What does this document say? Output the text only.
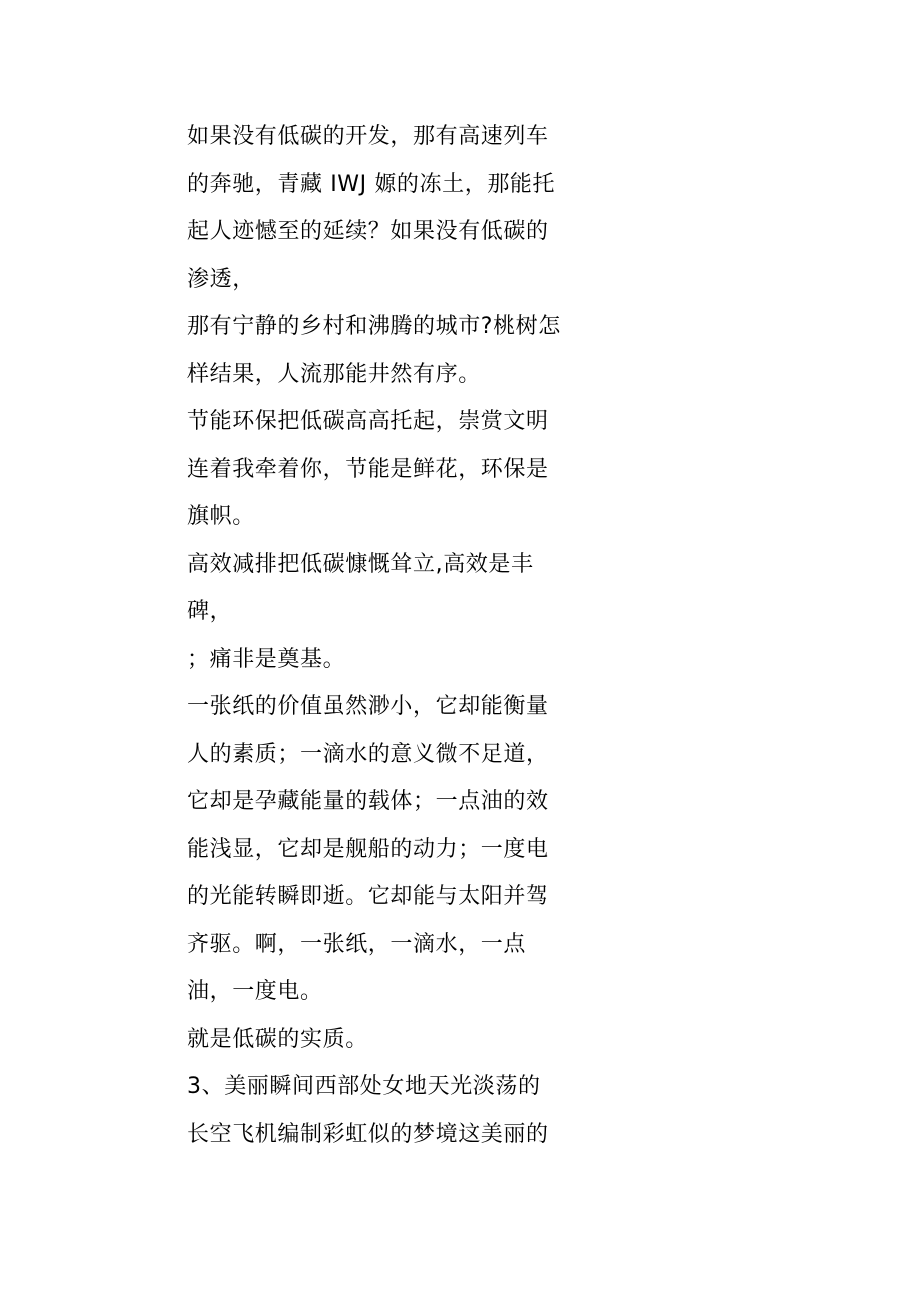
如果没有低碳的开发，那有高速列车
的奔驰，青藏 IWJ 嫄的冻土，那能托
起人迹憾至的延续？如果没有低碳的
渗透，
那有宁静的乡村和沸腾的城市?桃树怎
样结果，人流那能井然有序。
节能环保把低碳高高托起，崇赏文明
连着我牵着你，节能是鲜花，环保是
旗帜。
高效减排把低碳慷慨耸立,高效是丰
碑，
；痛非是奠基。
一张纸的价值虽然渺小，它却能衡量
人的素质；一滴水的意义微不足道，
它却是孕藏能量的载体；一点油的效
能浅显，它却是舰船的动力；一度电
的光能转瞬即逝。它却能与太阳并驾
齐驱。啊，一张纸，一滴水，一点
油，一度电。
就是低碳的实质。
3、美丽瞬间西部处女地天光淡荡的
长空飞机编制彩虹似的梦境这美丽的
